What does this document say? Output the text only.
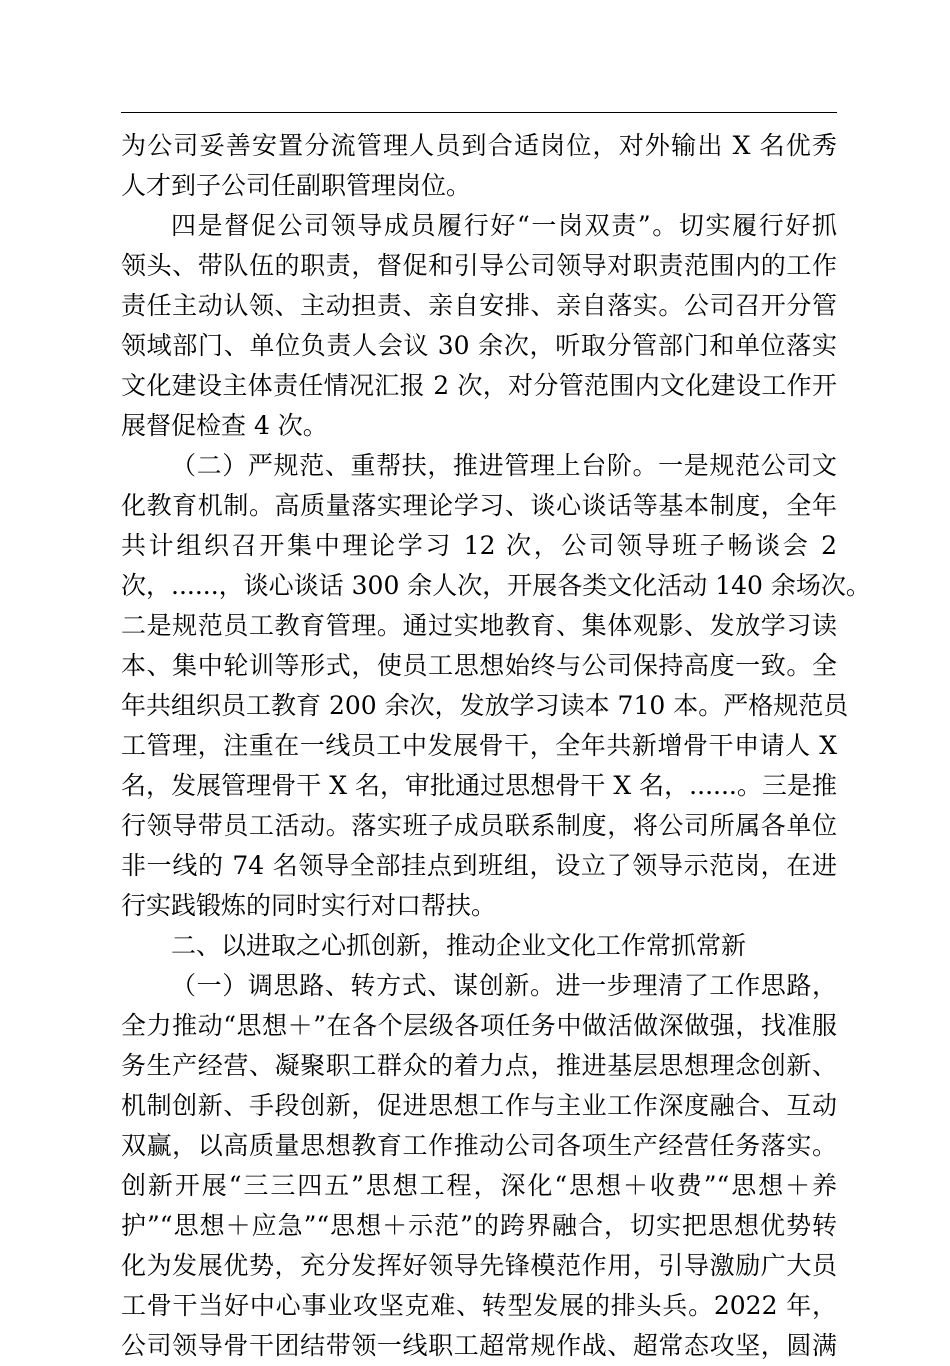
为公司妥善安置分流管理人员到合适岗位，对外输出 X 名优秀
人才到子公司任副职管理岗位。
四是督促公司领导成员履行好“一岗双责”。切实履行好抓
领头、带队伍的职责，督促和引导公司领导对职责范围内的工作
责任主动认领、主动担责、亲自安排、亲自落实。公司召开分管
领域部门、单位负责人会议 30 余次，听取分管部门和单位落实
文化建设主体责任情况汇报 2 次，对分管范围内文化建设工作开
展督促检查 4 次。
（二）严规范、重帮扶，推进管理上台阶。一是规范公司文
化教育机制。高质量落实理论学习、谈心谈话等基本制度，全年
共计组织召开集中理论学习 12 次，公司领导班子畅谈会 2
次，......，谈心谈话 300 余人次，开展各类文化活动 140 余场次。
二是规范员工教育管理。通过实地教育、集体观影、发放学习读
本、集中轮训等形式，使员工思想始终与公司保持高度一致。全
年共组织员工教育 200 余次，发放学习读本 710 本。严格规范员
工管理，注重在一线员工中发展骨干，全年共新增骨干申请人 X
名，发展管理骨干 X 名，审批通过思想骨干 X 名，......。三是推
行领导带员工活动。落实班子成员联系制度，将公司所属各单位
非一线的 74 名领导全部挂点到班组，设立了领导示范岗，在进
行实践锻炼的同时实行对口帮扶。
二、以进取之心抓创新，推动企业文化工作常抓常新
（一）调思路、转方式、谋创新。进一步理清了工作思路，
全力推动“思想＋”在各个层级各项任务中做活做深做强，找准服
务生产经营、凝聚职工群众的着力点，推进基层思想理念创新、
机制创新、手段创新，促进思想工作与主业工作深度融合、互动
双赢，以高质量思想教育工作推动公司各项生产经营任务落实。
创新开展“三三四五”思想工程，深化“思想＋收费”“思想＋养
护”“思想＋应急”“思想＋示范”的跨界融合，切实把思想优势转
化为发展优势，充分发挥好领导先锋模范作用，引导激励广大员
工骨干当好中心事业攻坚克难、转型发展的排头兵。2022 年，
公司领导骨干团结带领一线职工超常规作战、超常态攻坚，圆满
